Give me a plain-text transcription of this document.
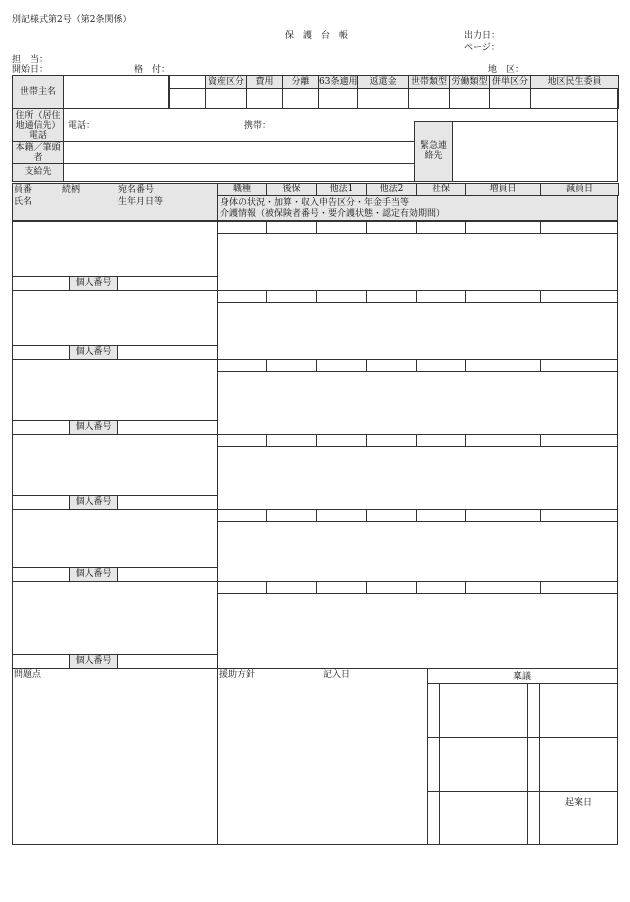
別記様式第2号（第2条関係）
保　護　台　帳	出力日：
ページ：
担　当：
開始日：	格　付：	地　区：
世帯主名
資産区分	費用	分離	63条適用	返還金	世帯類型 労働類型 併単区分	地区民生委員
住所（居住地通信先）電話
電話：	携帯：
本籍／筆頭者
支給先
緊急連絡先
員番	続柄	宛名番号
氏名	生年月日等
職種	後保	他法1	他法2	社保	増員日	減員日
身体の状況・加算・収入申告区分・年金手当等
介護情報（被保険者番号・要介護状態・認定有効期間）
個人番号
個人番号
個人番号
個人番号
個人番号
個人番号
問題点	援助方針	記入日	稟議
起案日
